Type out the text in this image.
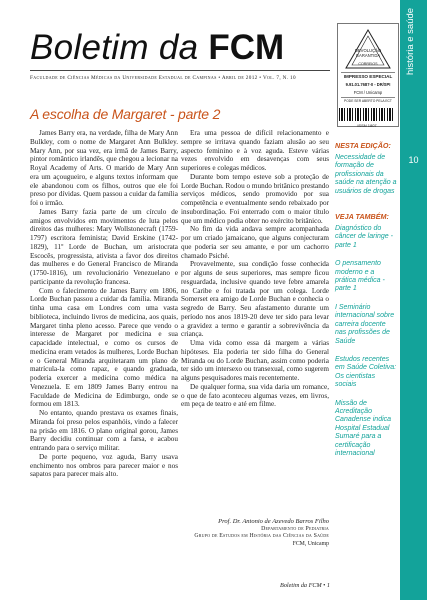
Boletim da FCM
Faculdade de Ciências Médicas da Universidade Estadual de Campinas • Abril de 2012 • Vol. 7, N. 10
DEVOLUÇÃO
GARANTIDA
CORREIOS
IMPRESSO ESPECIAL
9.91.01.7687-0 - DR/SPI
FCM / Unicamp
PODE SER ABERTO PELA ECT
ISSN 1807
história e saúde
10
A escolha de Margaret - parte 2

James Barry era, na verdade, filha de Mary Ann Bulkley, com o nome de Margaret Ann Bulkley. Mary Ann, por sua vez, era irmã de James Barry, pintor romântico irlandês, que chegou a lecionar na Royal Academy of Arts. O marido de Mary Ann era um açougueiro, e alguns textos informam que ele abandonou com os filhos, outros que ele foi preso por dívidas. Quem passou a cuidar da família foi o irmão.

James Barry fazia parte de um círculo de amigos envolvidos em movimentos de luta pelos direitos das mulheres: Mary Wollstonecraft (1759-1797) escritora feminista; David Erskine (1742-1829), 11º Lorde de Buchan, um aristocrata Escocês, progressista, ativista a favor dos direitos das mulheres e do General Francisco de Miranda (1750-1816), um revolucionário Venezuelano e participante da revolução francesa.

Com o falecimento de James Barry em 1806, Lorde Buchan passou a cuidar da família. Miranda tinha uma casa em Londres com uma vasta biblioteca, incluindo livros de medicina, aos quais, Margaret tinha pleno acesso. Parece que vendo o interesse de Margaret por medicina e sua capacidade intelectual, e como os cursos de medicina eram vetados às mulheres, Lorde Buchan e o General Miranda arquitetaram um plano de matrícula-la como rapaz, e quando graduada, poderia exercer a medicina como médica na Venezuela. E em 1809 James Barry entrou na Faculdade de Medicina de Edimburgo, onde se formou em 1813.

No entanto, quando prestava os exames finais, Miranda foi preso pelos espanhóis, vindo a falecer na prisão em 1816. O plano original gorou, James Barry decidiu continuar com a farsa, e acabou entrando para o serviço militar.

De porte pequeno, voz aguda, Barry usava enchimento nos ombros para parecer maior e nos sapatos para parecer mais alto.

Era uma pessoa de difícil relacionamento e sempre se irritava quando faziam alusão ao seu aspecto feminino e à voz aguda. Esteve várias vezes envolvido em desavenças com seus superiores e colegas médicos.

Durante bom tempo esteve sob a proteção de Lorde Buchan. Rodou o mundo britânico prestando serviços médicos, sendo promovido por sua competência e eventualmente sendo rebaixado por insubordinação. Foi enterrado com o maior título que um médico podia obter no exército britânico.

No fim da vida andava sempre acompanhada por um criado jamaicano, que alguns conjecturam que poderia ser seu amante, e por um cachorro chamado Psiché.

Provavelmente, sua condição fosse conhecida por alguns de seus superiores, mas sempre ficou resguardada, inclusive quando teve febre amarela no Caribe e foi tratada por um colega. Lorde Somerset era amigo de Lorde Buchan e conhecia o segredo de Barry. Seu afastamento durante um período nos anos 1819-20 deve ter sido para levar a gravidez a termo e garantir a sobrevivência da criança.

Uma vida como essa dá margem a várias hipóteses. Ela poderia ter sido filha do General Miranda ou do Lorde Buchan, assim como poderia ter sido um intersexo ou transexual, como sugerem alguns pesquisadores mais recentemente.

De qualquer forma, sua vida daria um romance, o que de fato aconteceu algumas vezes, em livros, em peça de teatro e até em filme.

Prof. Dr. Antonio de Azevedo Barros Filho
Departamento de Pediatria
Grupo de Estudos em História das Ciências da Saúde
FCM, Unicamp
NESTA EDIÇÃO:
Necessidade de formação de profissionais da saúde na atenção a usuários de drogas
VEJA TAMBÉM:
Diagnóstico do câncer de laringe - parte 1
O pensamento moderno e a prática médica - parte 1
I Seminário internacional sobre carreira docente nas profissões de Saúde
Estudos recentes em Saúde Coletiva: Os cientistas sociais
Missão de Acreditação Canadense indica Hospital Estadual Sumaré para a certificação internacional
Boletim da FCM • 1
